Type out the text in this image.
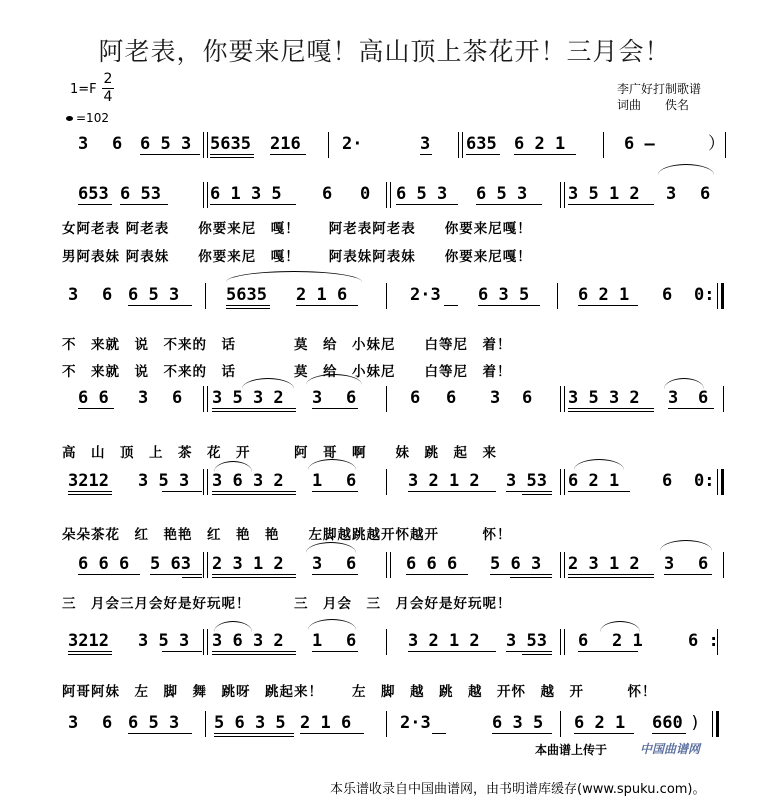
阿老表，你要来尼嘎！高山顶上茶花开！三月会！
1=F
2
4
=102
李广好打制歌谱
词曲　　佚名
3 6 6 5 3 5635 216 2·	3 635 6 2 1	6 –	）
653 6 53	6 1 3 5 6 0 6 5 3 6 5 3 3 5 1 2 3 6
女阿老表 阿老表　　你要来尼　嘎！　　阿老表阿老表　　你要来尼嘎！
男阿表妹 阿表妹　　你要来尼　嘎！　　阿表妹阿表妹　　你要来尼嘎！
3 6 6 5 3	5635 2 1 6	2·3 6 3 5	6 2 1 6 0:
不　来就　说　不来的　话　　　　莫　给　小妹尼　　白等尼　着！
不　来就　说　不来的　话　　　　莫　给　小妹尼　　白等尼　着！
6 6 3 6 3 5 3 2 3 6	6 6 3 6 3 5 3 2 3 6
高　山　顶　上　茶　花　开　　　阿　哥　啊　　妹　跳　起　来
3212 3 5 3 3 6 3 2 1 6	3 2 1 2 3 53 6 2 1	6 0:
朵朵茶花　红　艳艳　红　艳　艳　　左脚越跳越开怀越开　　　怀！
6 6 6 5 63 2 3 1 2 3 6	6 6 6 5 6 3 2 3 1 2 3 6
三　月会三月会好是好玩呢！　　　三　月会　三　月会好是好玩呢！
3212 3 5 3 3 6 3 2 1 6	3 2 1 2 3 53 6 2 1	6 :
阿哥阿妹　左　脚　舞　跳呀　跳起来！　　左　脚　越　跳　越　开怀　越　开　　　怀！
3 6 6 5 3 5 6 3 5 2 1 6	2·3	6 3 5 6 2 1 660 )
本曲谱上传于	中国曲谱网
本乐谱收录自中国曲谱网，由书明谱库缓存(www.spuku.com)。
